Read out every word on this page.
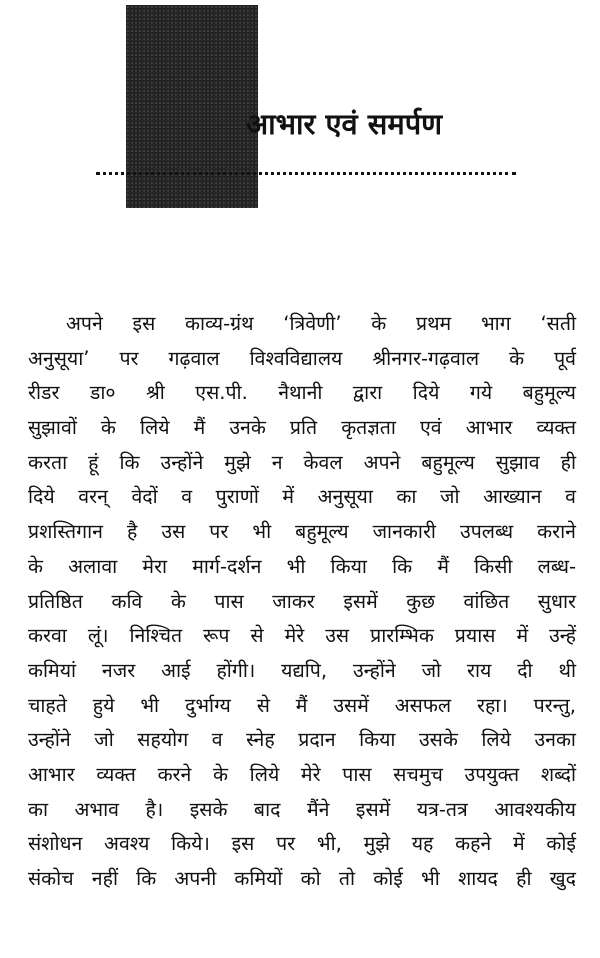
आभार एवं समर्पण
अपने इस काव्य-ग्रंथ ‘त्रिवेणी’ के प्रथम भाग ‘सती
अनुसूया’ पर गढ़वाल विश्वविद्यालय श्रीनगर-गढ़वाल के पूर्व
रीडर डा० श्री एस.पी. नैथानी द्वारा दिये गये बहुमूल्य
सुझावों के लिये मैं उनके प्रति कृतज्ञता एवं आभार व्यक्त
करता हूं कि उन्होंने मुझे न केवल अपने बहुमूल्य सुझाव ही
दिये वरन् वेदों व पुराणों में अनुसूया का जो आख्यान व
प्रशस्तिगान है उस पर भी बहुमूल्य जानकारी उपलब्ध कराने
के अलावा मेरा मार्ग-दर्शन भी किया कि मैं किसी लब्ध-
प्रतिष्ठित कवि के पास जाकर इसमें कुछ वांछित सुधार
करवा लूं। निश्चित रूप से मेरे उस प्रारम्भिक प्रयास में उन्हें
कमियां नजर आई होंगी। यद्यपि, उन्होंने जो राय दी थी
चाहते हुये भी दुर्भाग्य से मैं उसमें असफल रहा। परन्तु,
उन्होंने जो सहयोग व स्नेह प्रदान किया उसके लिये उनका
आभार व्यक्त करने के लिये मेरे पास सचमुच उपयुक्त शब्दों
का अभाव है। इसके बाद मैंने इसमें यत्र-तत्र आवश्यकीय
संशोधन अवश्य किये। इस पर भी, मुझे यह कहने में कोई
संकोच नहीं कि अपनी कमियों को तो कोई भी शायद ही खुद
